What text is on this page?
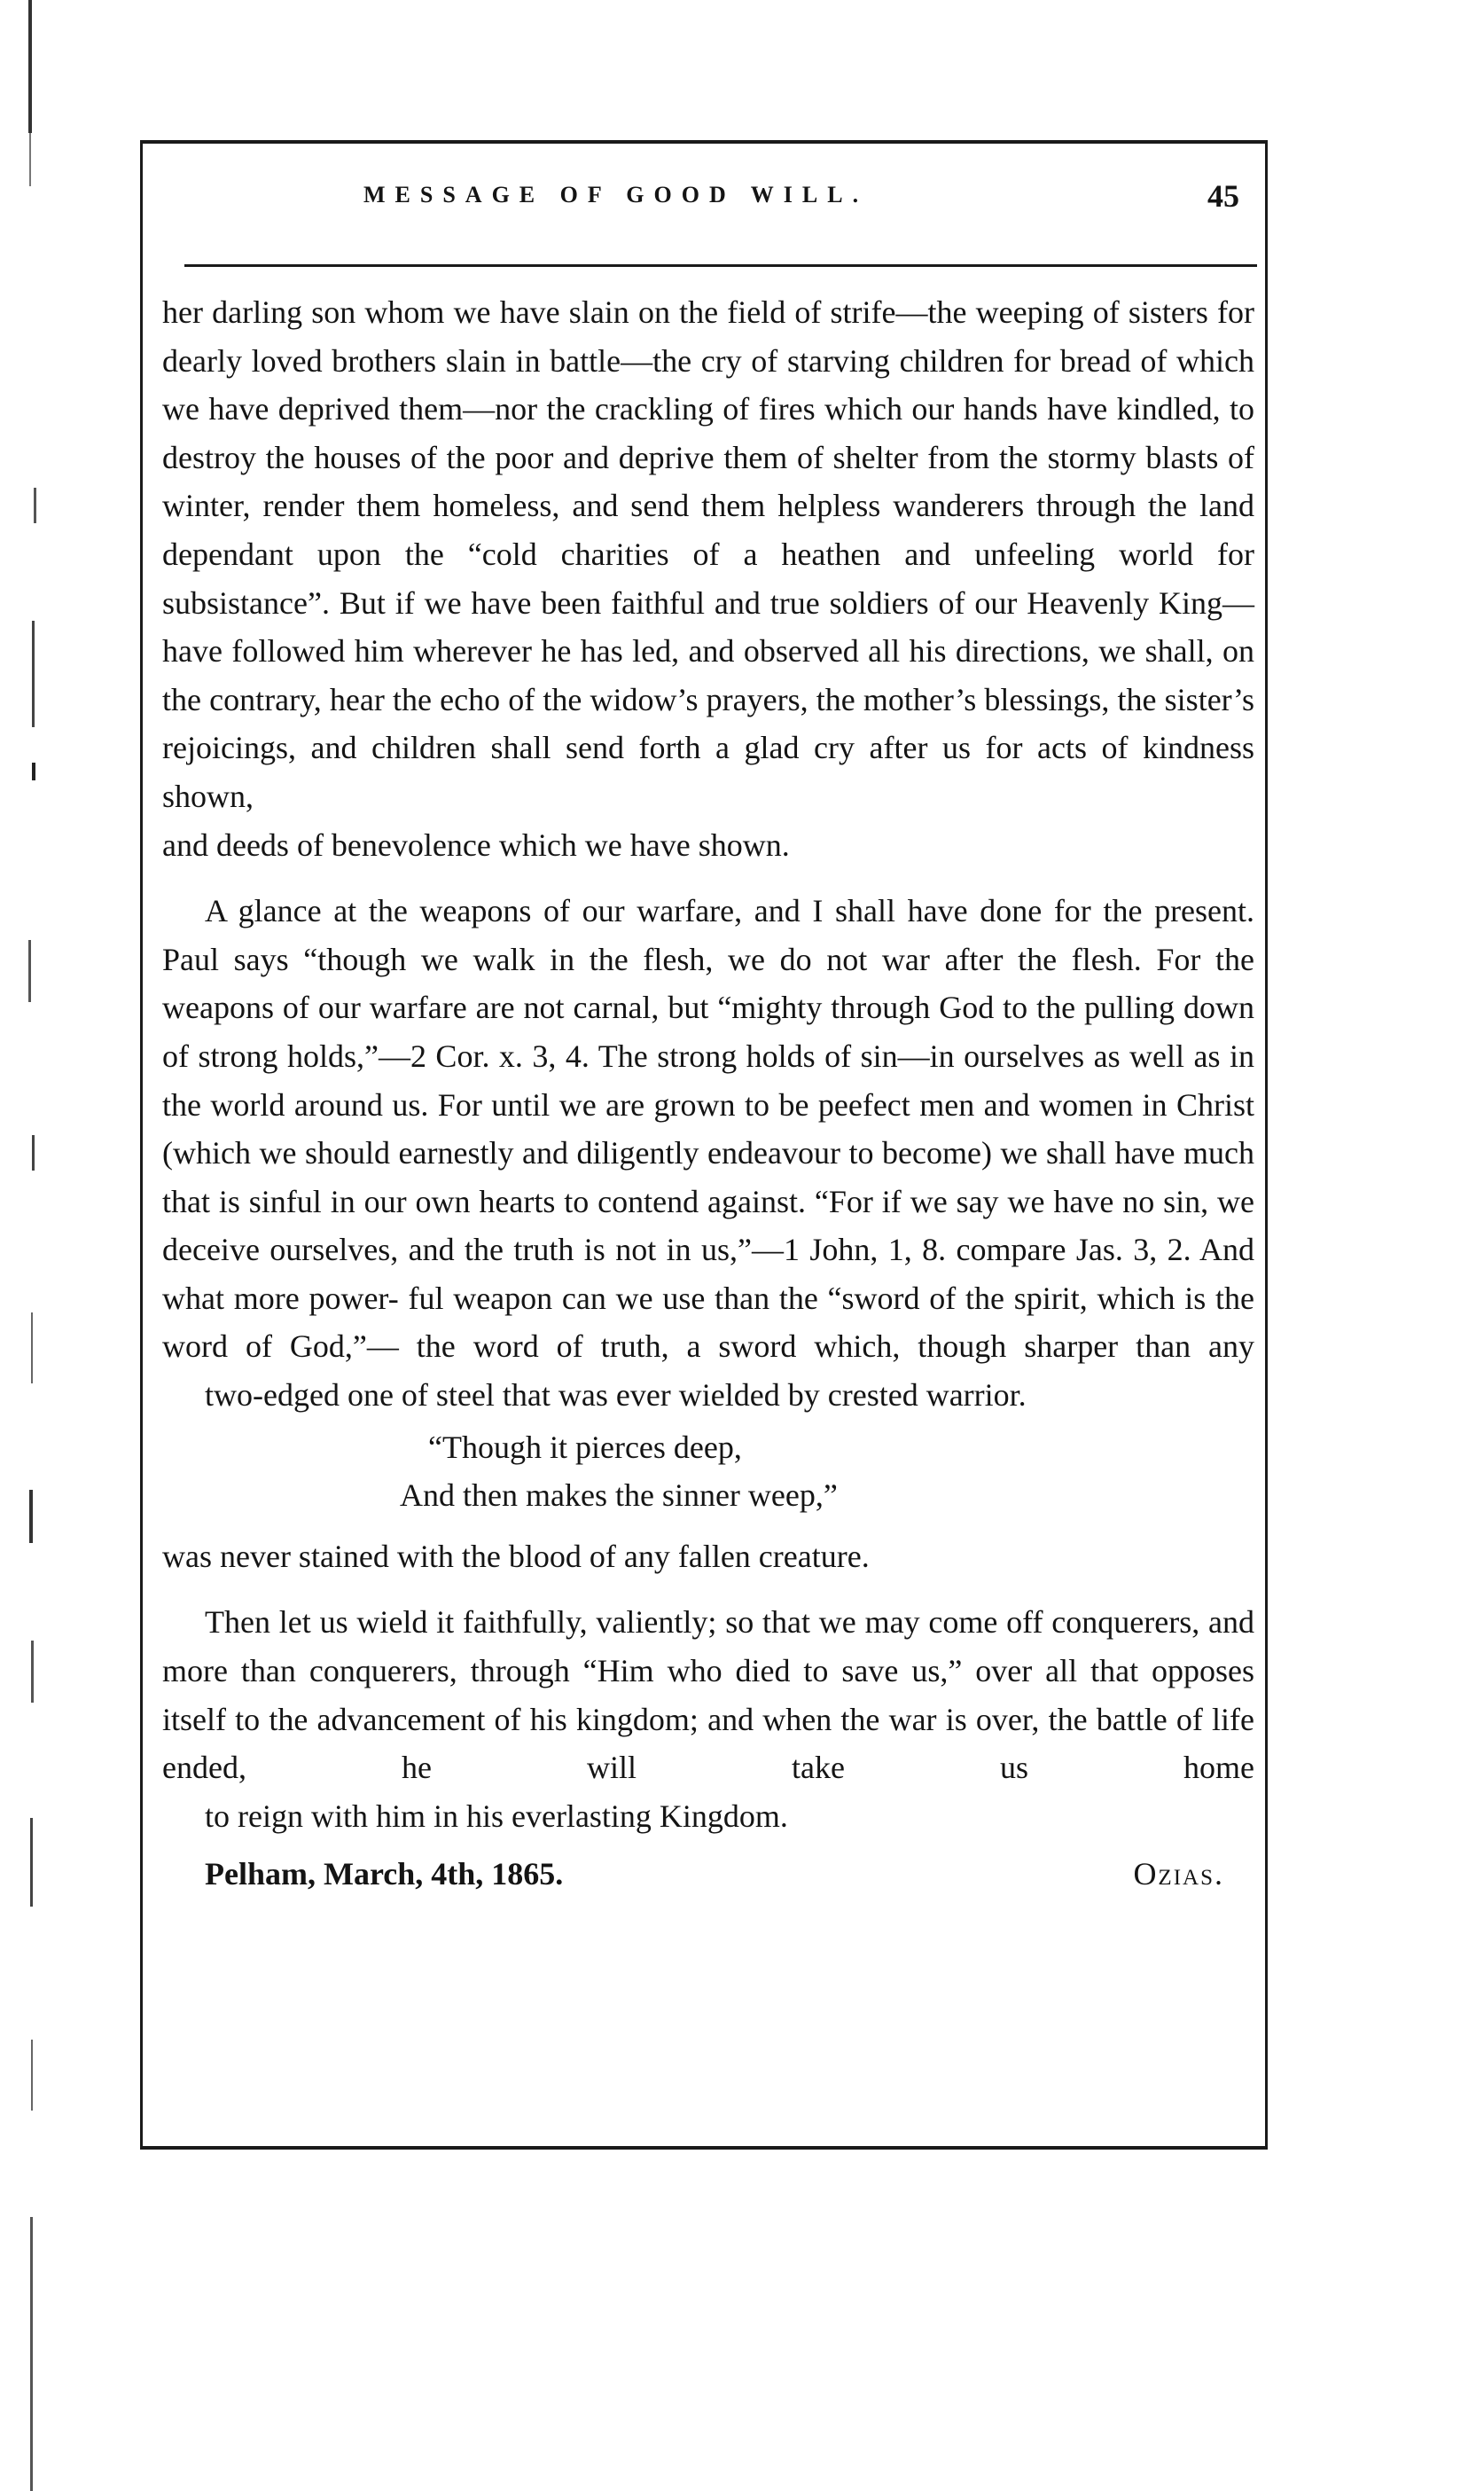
MESSAGE OF GOOD WILL.	45

her darling son whom we have slain on the field of strife—the weeping of sisters for dearly loved brothers slain in battle—the cry of starving children for bread of which we have deprived them—nor the crackling of fires which our hands have kindled, to destroy the houses of the poor and deprive them of shelter from the stormy blasts of winter, render them homeless, and send them helpless wanderers through the land dependant upon the “cold charities of a heathen and unfeeling world for subsistance”. But if we have been faithful and true soldiers of our Heavenly King—have followed him wherever he has led, and observed all his directions, we shall, on the contrary, hear the echo of the widow’s prayers, the mother’s blessings, the sister’s rejoicings, and children shall send forth a glad cry after us for acts of kindness shown,
and deeds of benevolence which we have shown.

A glance at the weapons of our warfare, and I shall have done for the present. Paul says “though we walk in the flesh, we do not war after the flesh. For the weapons of our warfare are not carnal, but “mighty through God to the pulling down of strong holds,”—2 Cor. x. 3, 4. The strong holds of sin—in ourselves as well as in the world around us. For until we are grown to be peefect men and women in Christ (which we should earnestly and diligently endeavour to become) we shall have much that is sinful in our own hearts to contend against. “For if we say we have no sin, we deceive ourselves, and the truth is not in us,”—1 John, 1, 8. compare Jas. 3, 2. And what more power- ful weapon can we use than the “sword of the spirit, which is the word of God,”— the word of truth, a sword which, though sharper than any
two-edged one of steel that was ever wielded by crested warrior.

“Though it pierces deep,
And then makes the sinner weep,”

was never stained with the blood of any fallen creature.

Then let us wield it faithfully, valiently; so that we may come off conquerers, and more than conquerers, through “Him who died to save us,” over all that opposes itself to the advancement of his kingdom; and when the war is over, the battle of life ended, he will take us home
to reign with him in his everlasting Kingdom.

Pelham, March, 4th, 1865.	Ozias.
